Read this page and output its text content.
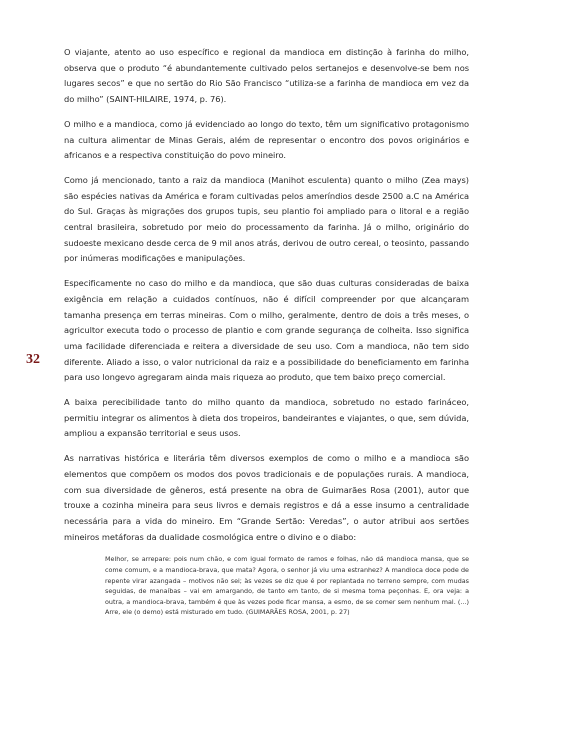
32

O viajante, atento ao uso específico e regional da mandioca em distinção à farinha do milho, observa que o produto “é abundantemente cultivado pelos sertanejos e desenvolve-se bem nos lugares secos” e que no sertão do Rio São Francisco “utiliza-se a farinha de mandioca em vez da do milho” (SAINT-HILAIRE, 1974, p. 76).

O milho e a mandioca, como já evidenciado ao longo do texto, têm um significativo protagonismo na cultura alimentar de Minas Gerais, além de representar o encontro dos povos originários e africanos e a respectiva constituição do povo mineiro.

Como já mencionado, tanto a raiz da mandioca (Manihot esculenta) quanto o milho (Zea mays) são espécies nativas da América e foram cultivadas pelos ameríndios desde 2500 a.C na América do Sul. Graças às migrações dos grupos tupis, seu plantio foi ampliado para o litoral e a região central brasileira, sobretudo por meio do processamento da farinha. Já o milho, originário do sudoeste mexicano desde cerca de 9 mil anos atrás, derivou de outro cereal, o teosinto, passando por inúmeras modificações e manipulações.

Especificamente no caso do milho e da mandioca, que são duas culturas consideradas de baixa exigência em relação a cuidados contínuos, não é difícil compreender por que alcançaram tamanha presença em terras mineiras. Com o milho, geralmente, dentro de dois a três meses, o agricultor executa todo o processo de plantio e com grande segurança de colheita. Isso significa uma facilidade diferenciada e reitera a diversidade de seu uso. Com a mandioca, não tem sido diferente. Aliado a isso, o valor nutricional da raiz e a possibilidade do beneficiamento em farinha para uso longevo agregaram ainda mais riqueza ao produto, que tem baixo preço comercial.

A baixa perecibilidade tanto do milho quanto da mandioca, sobretudo no estado farináceo, permitiu integrar os alimentos à dieta dos tropeiros, bandeirantes e viajantes, o que, sem dúvida, ampliou a expansão territorial e seus usos.

As narrativas histórica e literária têm diversos exemplos de como o milho e a mandioca são elementos que compõem os modos dos povos tradicionais e de populações rurais. A mandioca, com sua diversidade de gêneros, está presente na obra de Guimarães Rosa (2001), autor que trouxe a cozinha mineira para seus livros e demais registros e dá a esse insumo a centralidade necessária para a vida do mineiro. Em “Grande Sertão: Veredas”, o autor atribui aos sertões mineiros metáforas da dualidade cosmológica entre o divino e o diabo:

Melhor, se arrepare: pois num chão, e com igual formato de ramos e folhas, não dá mandioca mansa, que se come comum, e a mandioca-brava, que mata? Agora, o senhor já viu uma estranhez? A mandioca doce pode de repente virar azangada – motivos não sei; às vezes se diz que é por replantada no terreno sempre, com mudas seguidas, de manaíbas – vai em amargando, de tanto em tanto, de si mesma toma peçonhas. E, ora veja: a outra, a mandioca-brava, também é que às vezes pode ficar mansa, a esmo, de se comer sem nenhum mal. (...) Arre, ele (o demo) está misturado em tudo. (GUIMARÃES ROSA, 2001, p. 27)
